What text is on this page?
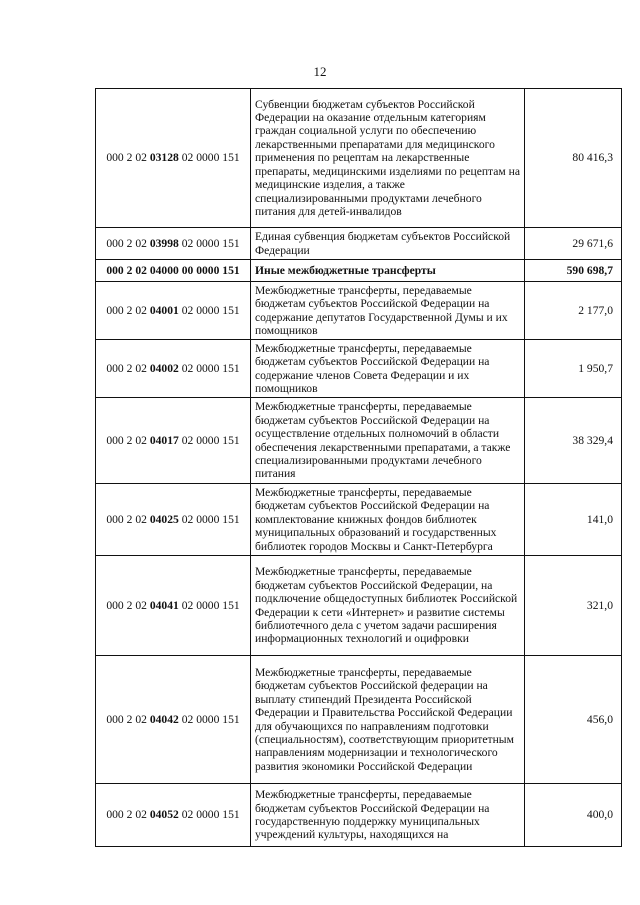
12
000 2 02 03128 02 0000 151	Субвенции бюджетам субъектов Российской Федерации на оказание отдельным категориям граждан социальной услуги по обеспечению лекарственными препаратами для медицинского применения по рецептам на лекарственные препараты, медицинскими изделиями по рецептам на медицинские изделия, а также специализированными продуктами лечебного питания для детей-инвалидов	80 416,3
000 2 02 03998 02 0000 151	Единая субвенция бюджетам субъектов Российской Федерации	29 671,6
000 2 02 04000 00 0000 151	Иные межбюджетные трансферты	590 698,7
000 2 02 04001 02 0000 151	Межбюджетные трансферты, передаваемые бюджетам субъектов Российской Федерации на содержание депутатов Государственной Думы и их помощников	2 177,0
000 2 02 04002 02 0000 151	Межбюджетные трансферты, передаваемые бюджетам субъектов Российской Федерации на содержание членов Совета Федерации и их помощников	1 950,7
000 2 02 04017 02 0000 151	Межбюджетные трансферты, передаваемые бюджетам субъектов Российской Федерации на осуществление отдельных полномочий в области обеспечения лекарственными препаратами, а также специализированными продуктами лечебного питания	38 329,4
000 2 02 04025 02 0000 151	Межбюджетные трансферты, передаваемые бюджетам субъектов Российской Федерации на комплектование книжных фондов библиотек муниципальных образований и государственных библиотек городов Москвы и Санкт-Петербурга	141,0
000 2 02 04041 02 0000 151	Межбюджетные трансферты, передаваемые бюджетам субъектов Российской Федерации, на подключение общедоступных библиотек Российской Федерации к сети «Интернет» и развитие системы библиотечного дела с учетом задачи расширения информационных технологий и оцифровки	321,0
000 2 02 04042 02 0000 151	Межбюджетные трансферты, передаваемые бюджетам субъектов Российской федерации на выплату стипендий Президента Российской Федерации и Правительства Российской Федерации для обучающихся по направлениям подготовки (специальностям), соответствующим приоритетным направлениям модернизации и технологического развития экономики Российской Федерации	456,0
000 2 02 04052 02 0000 151	Межбюджетные трансферты, передаваемые бюджетам субъектов Российской Федерации на государственную поддержку муниципальных учреждений культуры, находящихся на	400,0
